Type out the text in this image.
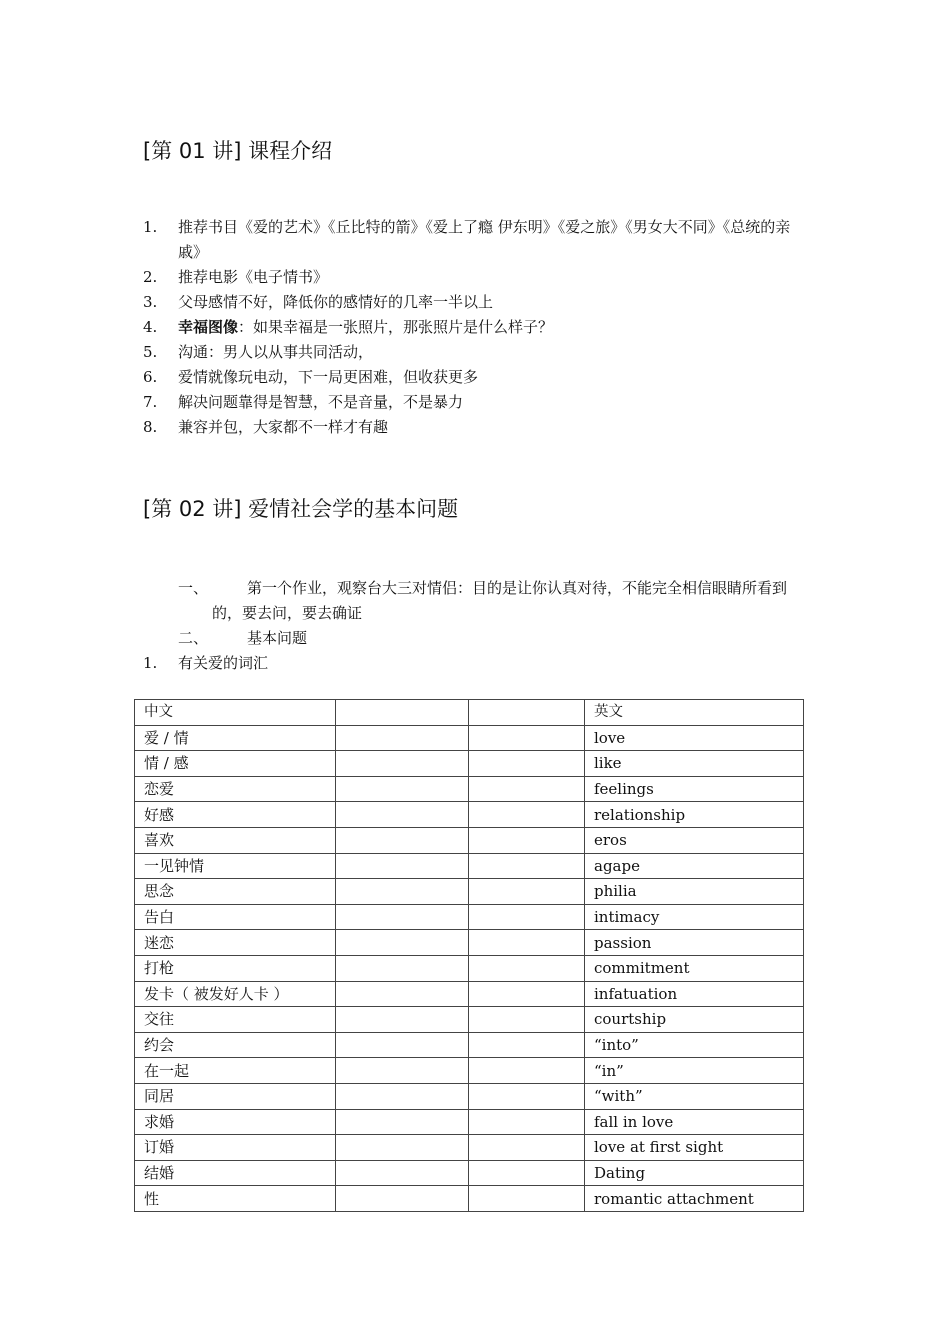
[第 01 讲] 课程介绍
1. 推荐书目《爱的艺术》《丘比特的箭》《爱上了瘾 伊东明》《爱之旅》《男女大不同》《总统的亲戚》
2. 推荐电影《电子情书》
3. 父母感情不好，降低你的感情好的几率一半以上
4. 幸福图像：如果幸福是一张照片，那张照片是什么样子？
5. 沟通：男人以从事共同活动，
6. 爱情就像玩电动，下一局更困难，但收获更多
7. 解决问题靠得是智慧，不是音量，不是暴力
8. 兼容并包，大家都不一样才有趣
[第 02 讲] 爱情社会学的基本问题
一、	第一个作业，观察台大三对情侣：目的是让你认真对待，不能完全相信眼睛所看到的，要去问，要去确证
二、	基本问题
1. 有关爱的词汇
中文			英文
爱 / 情			love
情 / 感			like
恋爱			feelings
好感			relationship
喜欢			eros
一见钟情			agape
思念			philia
告白			intimacy
迷恋			passion
打枪			commitment
发卡（ 被发好人卡 ）			infatuation
交往			courtship
约会			“into”
在一起			“in”
同居			“with”
求婚			fall in love
订婚			love at first sight
结婚			Dating
性			romantic attachment
